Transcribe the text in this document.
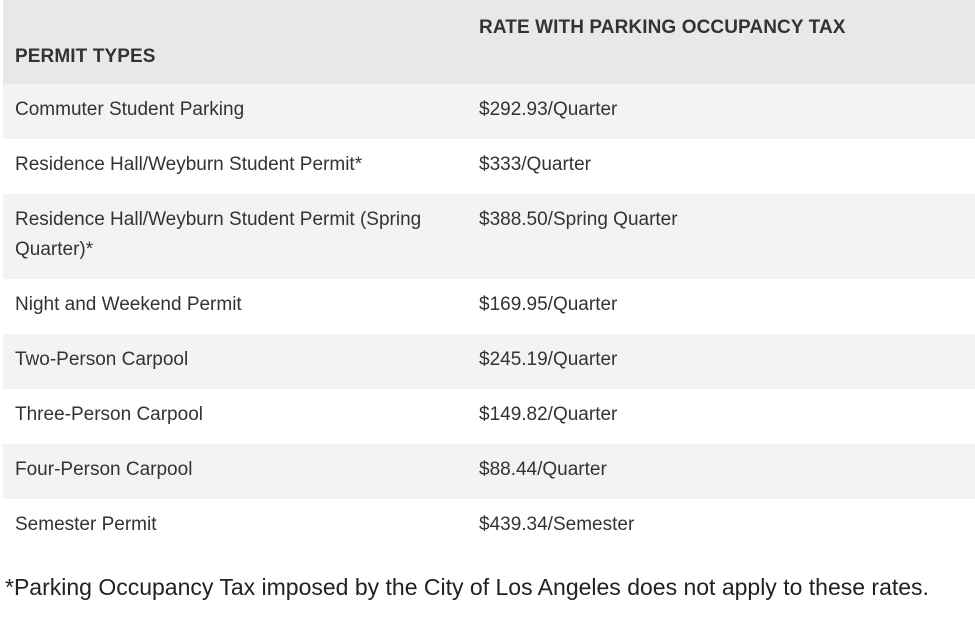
PERMIT TYPES	RATE WITH PARKING OCCUPANCY TAX

Commuter Student Parking	$292.93/Quarter

Residence Hall/Weyburn Student Permit*	$333/Quarter

Residence Hall/Weyburn Student Permit (Spring Quarter)*	$388.50/Spring Quarter

Night and Weekend Permit	$169.95/Quarter

Two-Person Carpool	$245.19/Quarter

Three-Person Carpool	$149.82/Quarter

Four-Person Carpool	$88.44/Quarter

Semester Permit	$439.34/Semester
*Parking Occupancy Tax imposed by the City of Los Angeles does not apply to these rates.
